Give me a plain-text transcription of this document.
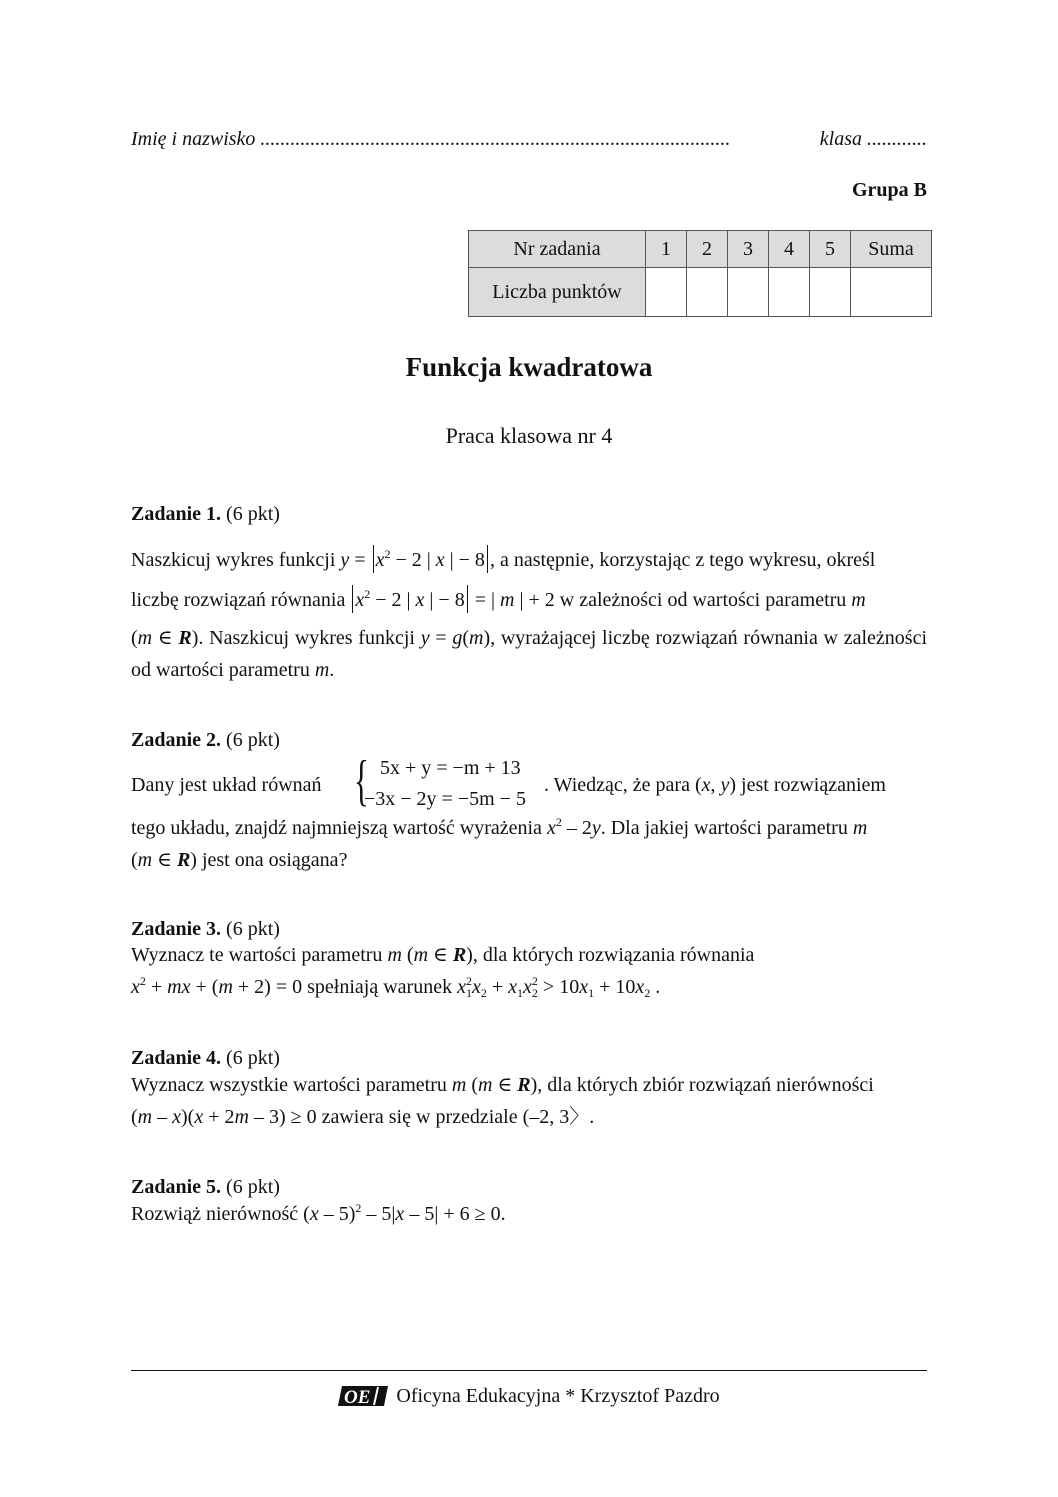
Imię i nazwisko ..............................................................................................	klasa ............
Grupa B
Nr zadania	1	2	3	4	5	Suma
Liczba punktów						
Funkcja kwadratowa
Praca klasowa nr 4
Zadanie 1. (6 pkt)
Naszkicuj wykres funkcji $y = x^2 - 2$ | x | − 8 , a następnie, korzystając z tego wykresu, określ
liczbę rozwiązań równania $x^2 - 2$ | x | − 8 = | m | + 2 w zależności od wartości parametru m
(m ∈ R). Naszkicuj wykres funkcji y = g(m), wyrażającej liczbę rozwiązań równania w zależności od wartości parametru m.
Zadanie 2. (6 pkt)
Dany jest układ równań { 5x + y = −m + 13
−3x − 2y = −5m − 5
. Wiedząc, że para (x, y) jest rozwiązaniem
tego układu, znajdź najmniejszą wartość wyrażenia $x^2 - 2y$. Dla jakiej wartości parametru m
(m ∈ R) jest ona osiągana?
Zadanie 3. (6 pkt)
Wyznacz te wartości parametru m (m ∈ R), dla których rozwiązania równania
$x^2$ + mx + (m + 2) = 0 spełniają warunek $x_1^2x_2 + x_1x_2^2 > 10x_1 + 10x_2$ .
Zadanie 4. (6 pkt)
Wyznacz wszystkie wartości parametru m (m ∈ R), dla których zbiór rozwiązań nierówności
(m – x)(x + 2m – 3) ≥ 0 zawiera się w przedziale (–2, 3〉.
Zadanie 5. (6 pkt)
Rozwiąż nierówność (x – 5)$^2$ – 5|x – 5| + 6 ≥ 0.
OE Oficyna Edukacyjna * Krzysztof Pazdro
